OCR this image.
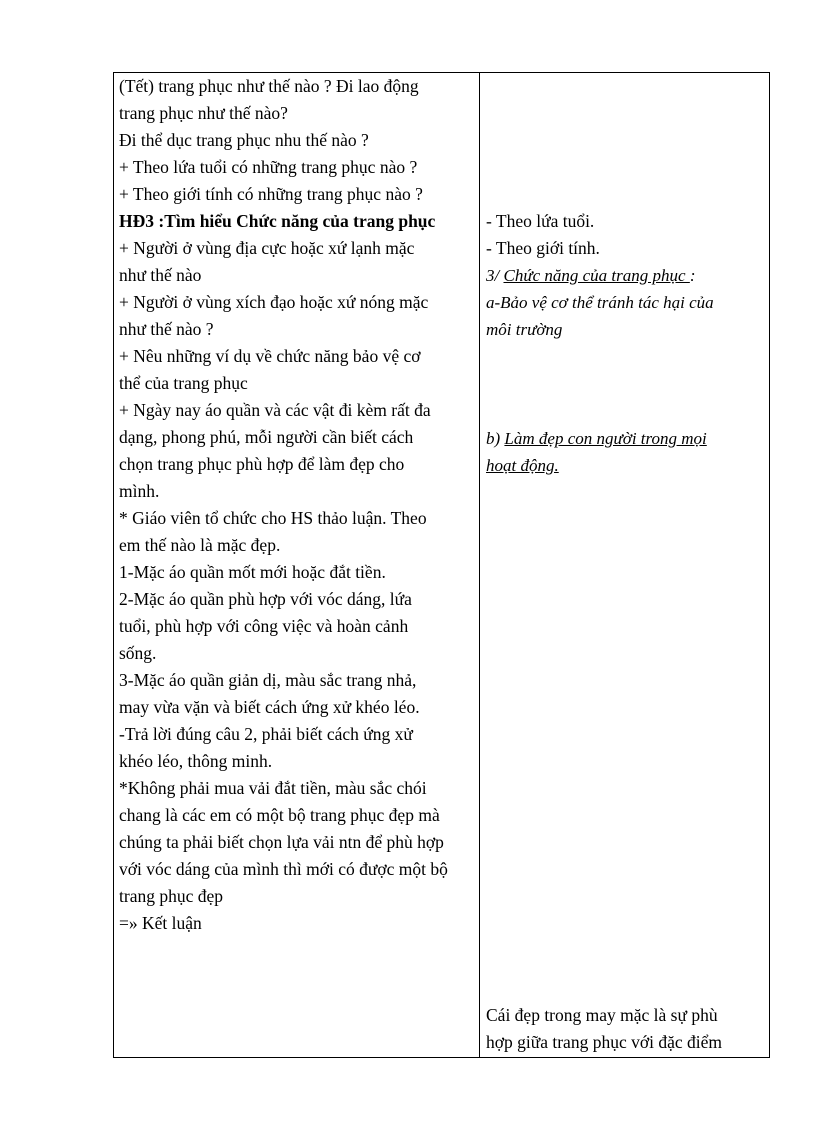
(Tết) trang phục như thế nào ? Đi lao động
trang phục như thế nào?
Đi thể dục trang phục nhu thế nào ?
+ Theo lứa tuổi có những trang phục nào ?
+ Theo giới tính có những trang phục nào ?
HĐ3 :Tìm hiểu Chức năng của trang phục
+ Người ở vùng địa cực hoặc xứ lạnh mặc
như thế nào
+ Người ở vùng xích đạo hoặc xứ nóng mặc
như thế nào ?
+ Nêu những ví dụ về chức năng bảo vệ cơ
thể của trang phục
+ Ngày nay áo quần và các vật đi kèm rất đa
dạng, phong phú, mỗi người cần biết cách
chọn trang phục phù hợp để làm đẹp cho
mình.
* Giáo viên tổ chức cho HS thảo luận. Theo
em thế nào là mặc đẹp.
1-Mặc áo quần mốt mới hoặc đắt tiền.
2-Mặc áo quần phù hợp với vóc dáng, lứa
tuổi, phù hợp với công việc và hoàn cảnh
sống.
3-Mặc áo quần giản dị, màu sắc trang nhả,
may vừa vặn và biết cách ứng xử khéo léo.
-Trả lời đúng câu 2, phải biết cách ứng xử
khéo léo, thông minh.
*Không phải mua vải đắt tiền, màu sắc chói
chang là các em có một bộ trang phục đẹp mà
chúng ta phải biết chọn lựa vải ntn để phù hợp
với vóc dáng của mình thì mới có được một bộ
trang phục đẹp
=» Kết luận
- Theo lứa tuổi.
- Theo giới tính.
3/ Chức năng của trang phục :
a-Bảo vệ cơ thể tránh tác hại của
môi trường
b) Làm đẹp con người trong mọi
hoạt động.
Cái đẹp trong may mặc là sự phù
hợp giữa trang phục với đặc điểm
